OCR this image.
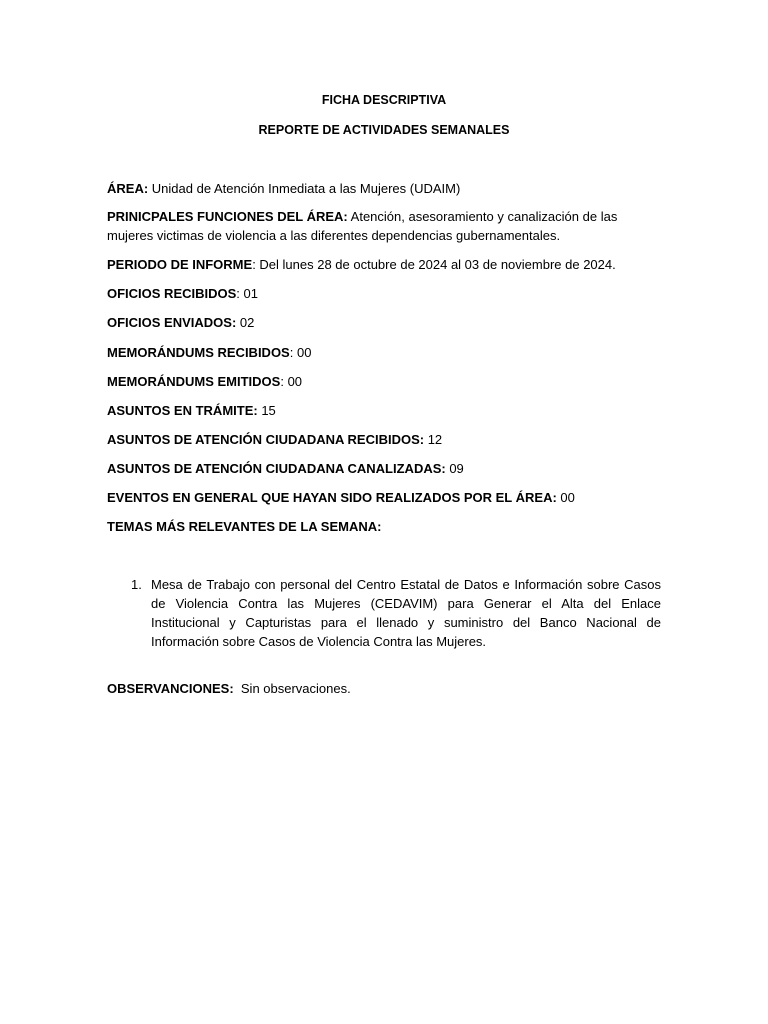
FICHA DESCRIPTIVA
REPORTE DE ACTIVIDADES SEMANALES
ÁREA: Unidad de Atención Inmediata a las Mujeres (UDAIM)
PRINICPALES FUNCIONES DEL ÁREA: Atención, asesoramiento y canalización de las mujeres victimas de violencia a las diferentes dependencias gubernamentales.
PERIODO DE INFORME: Del lunes 28 de octubre de 2024 al 03 de noviembre de 2024.
OFICIOS RECIBIDOS: 01
OFICIOS ENVIADOS: 02
MEMORÁNDUMS RECIBIDOS: 00
MEMORÁNDUMS EMITIDOS: 00
ASUNTOS EN TRÁMITE: 15
ASUNTOS DE ATENCIÓN CIUDADANA RECIBIDOS: 12
ASUNTOS DE ATENCIÓN CIUDADANA CANALIZADAS: 09
EVENTOS EN GENERAL QUE HAYAN SIDO REALIZADOS POR EL ÁREA: 00
TEMAS MÁS RELEVANTES DE LA SEMANA:
1. Mesa de Trabajo con personal del Centro Estatal de Datos e Información sobre Casos de Violencia Contra las Mujeres (CEDAVIM) para Generar el Alta del Enlace Institucional y Capturistas para el llenado y suministro del Banco Nacional de Información sobre Casos de Violencia Contra las Mujeres.
OBSERVANCIONES:  Sin observaciones.
